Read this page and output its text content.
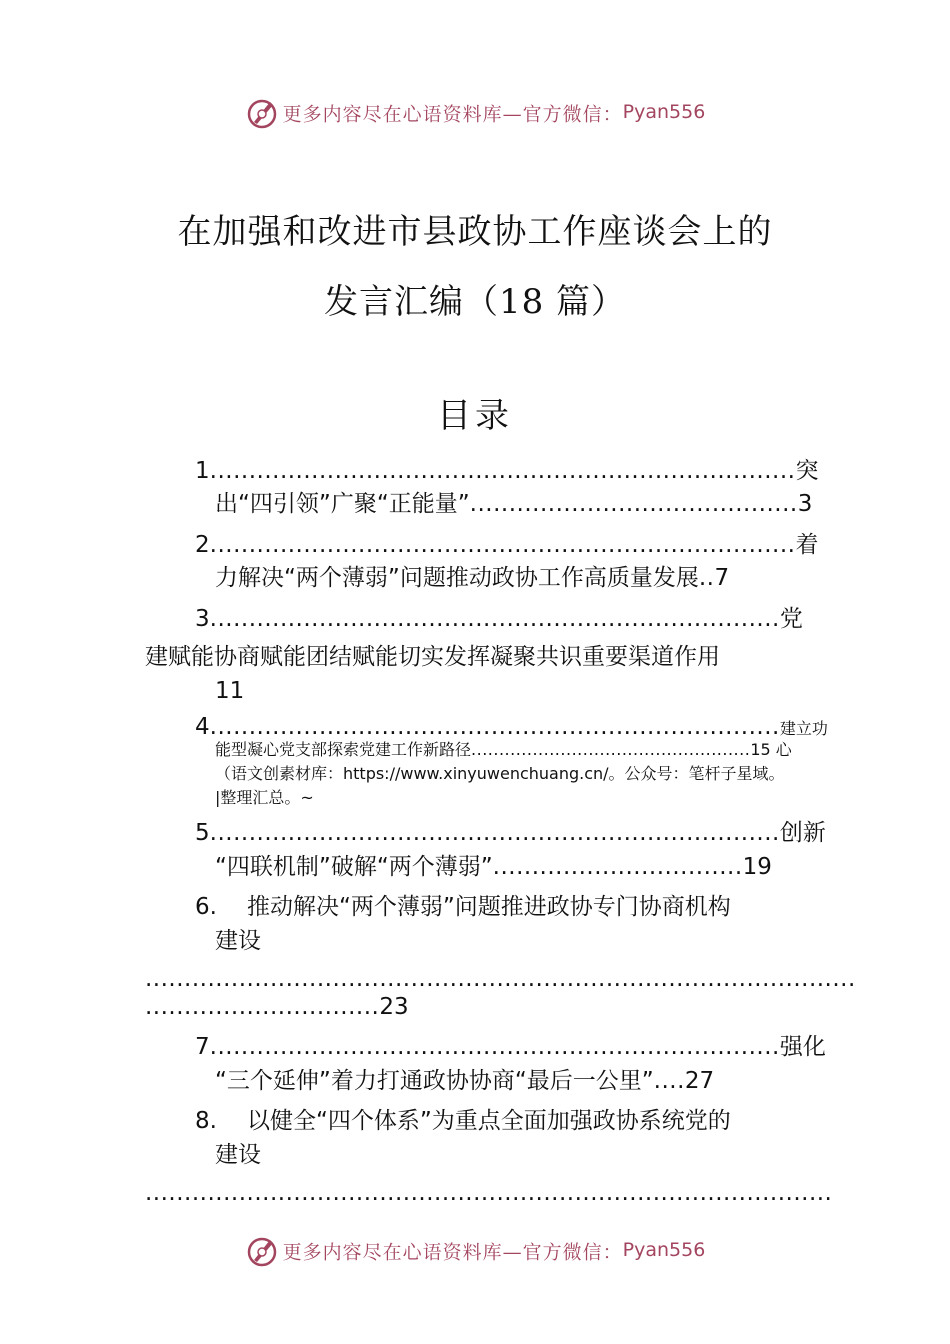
更多内容尽在心语资料库—官方微信：Pyan556
在加强和改进市县政协工作座谈会上的
发言汇编（18 篇）
目录
1...........................................................................突
出“四引领”广聚“正能量”..........................................3
2...........................................................................着
力解决“两个薄弱”问题推动政协工作高质量发展..7
3.........................................................................党
建赋能协商赋能团结赋能切实发挥凝聚共识重要渠道作用
11
4.........................................................................建立功
能型凝心党支部探索党建工作新路径..................................................15 心
（语文创素材库：https://www.xinyuwenchuang.cn/。公众号：笔杆子星域。
|整理汇总。~
5.........................................................................创新
“四联机制”破解“两个薄弱”................................19
6. 推动解决“两个薄弱”问题推进政协专门协商机构
建设
...........................................................................................
..............................23
7.........................................................................强化
“三个延伸”着力打通政协协商“最后一公里”....27
8. 以健全“四个体系”为重点全面加强政协系统党的
建设
........................................................................................
更多内容尽在心语资料库—官方微信：Pyan556
